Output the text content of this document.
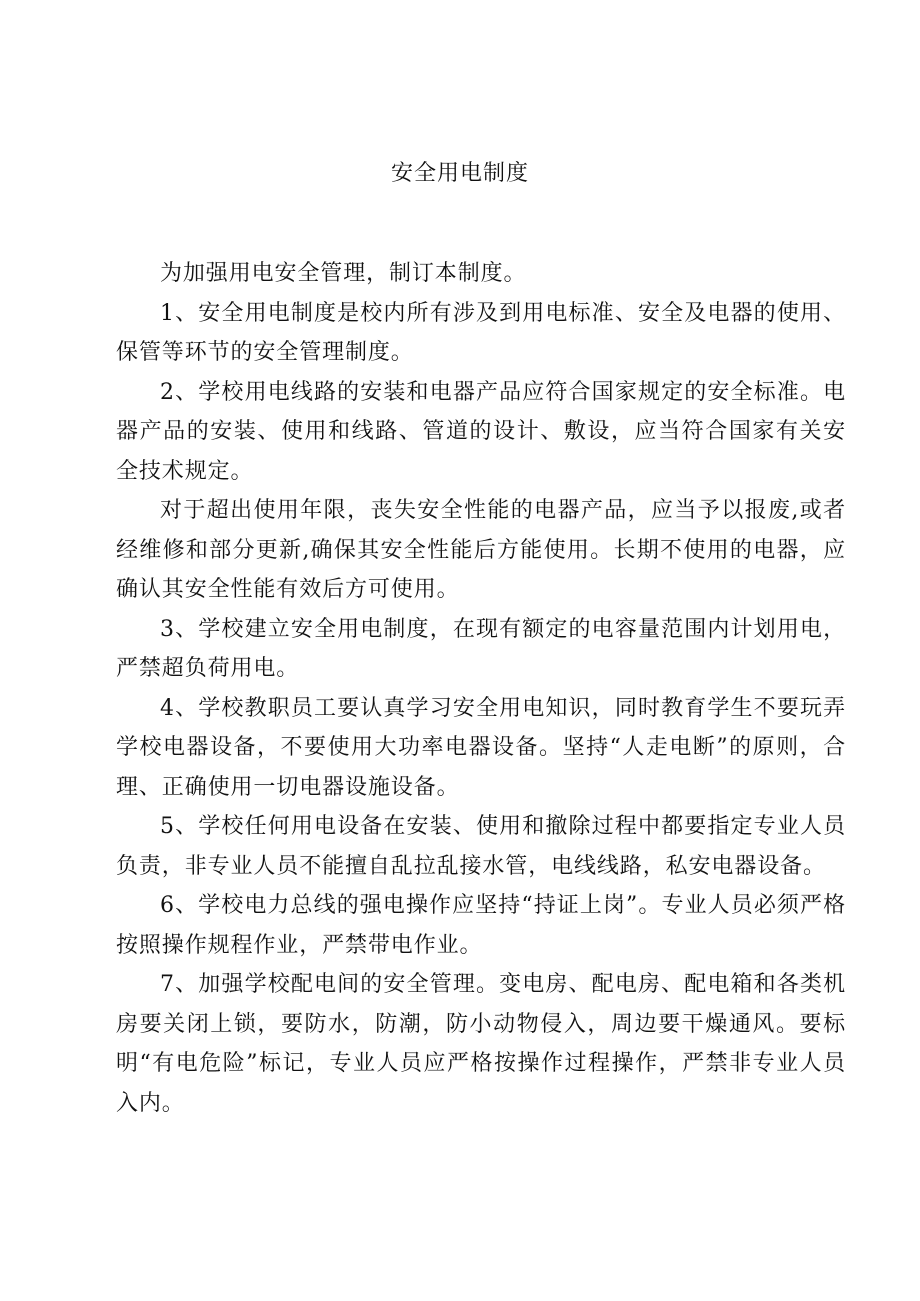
安全用电制度

为加强用电安全管理，制订本制度。

1、安全用电制度是校内所有涉及到用电标准、安全及电器的使用、保管等环节的安全管理制度。

2、学校用电线路的安装和电器产品应符合国家规定的安全标准。电器产品的安装、使用和线路、管道的设计、敷设，应当符合国家有关安全技术规定。

对于超出使用年限，丧失安全性能的电器产品，应当予以报废,或者经维修和部分更新,确保其安全性能后方能使用。长期不使用的电器，应确认其安全性能有效后方可使用。

3、学校建立安全用电制度，在现有额定的电容量范围内计划用电，严禁超负荷用电。

4、学校教职员工要认真学习安全用电知识，同时教育学生不要玩弄学校电器设备，不要使用大功率电器设备。坚持“人走电断”的原则，合理、正确使用一切电器设施设备。

5、学校任何用电设备在安装、使用和撤除过程中都要指定专业人员负责，非专业人员不能擅自乱拉乱接水管，电线线路，私安电器设备。

6、学校电力总线的强电操作应坚持“持证上岗”。专业人员必须严格按照操作规程作业，严禁带电作业。

7、加强学校配电间的安全管理。变电房、配电房、配电箱和各类机房要关闭上锁，要防水，防潮，防小动物侵入，周边要干燥通风。要标明“有电危险”标记，专业人员应严格按操作过程操作，严禁非专业人员入内。
